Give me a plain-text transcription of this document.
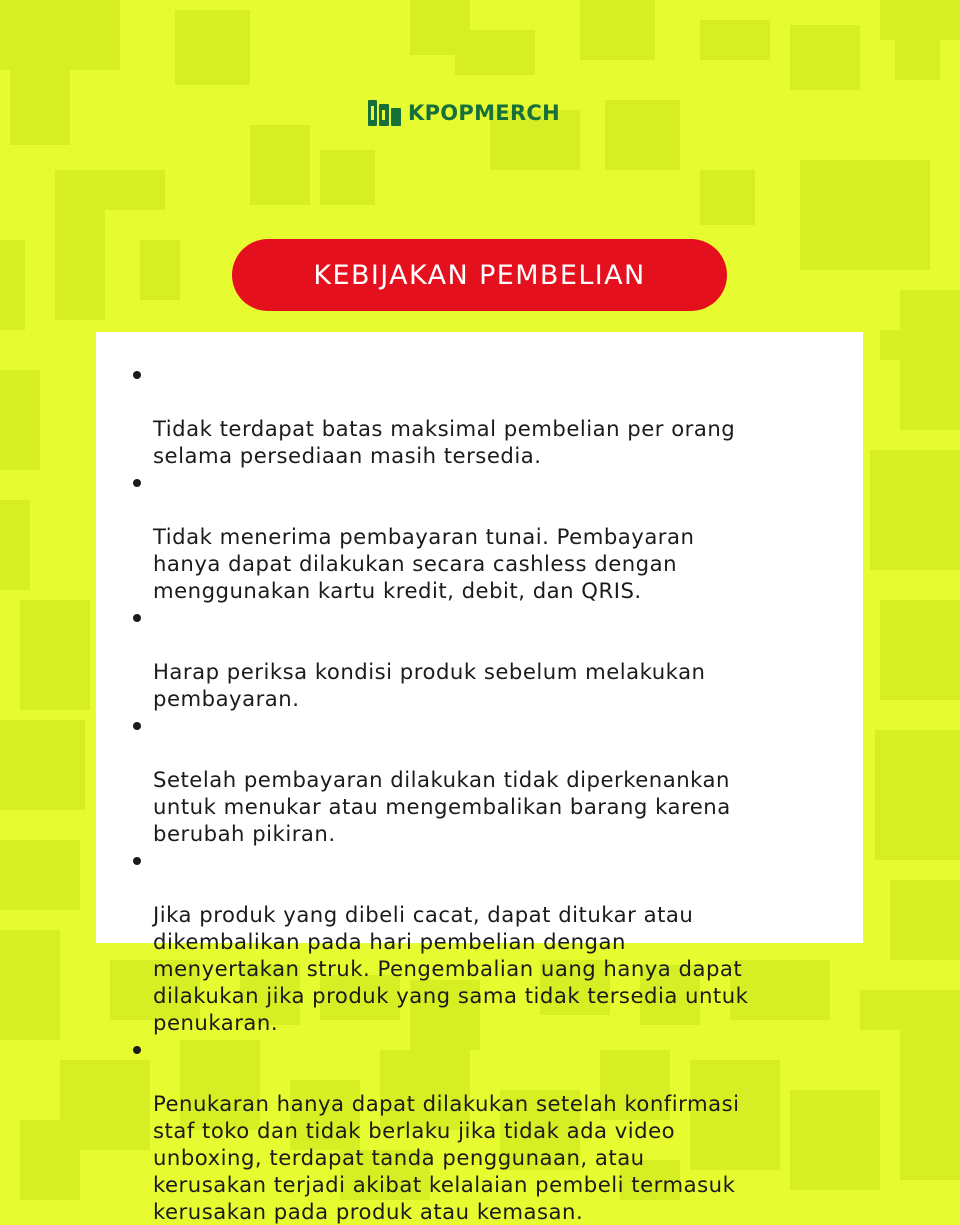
KPOPMERCH
KEBIJAKAN PEMBELIAN

Tidak terdapat batas maksimal pembelian per orang
selama persediaan masih tersedia.

Tidak menerima pembayaran tunai. Pembayaran
hanya dapat dilakukan secara cashless dengan
menggunakan kartu kredit, debit, dan QRIS.

Harap periksa kondisi produk sebelum melakukan
pembayaran.

Setelah pembayaran dilakukan tidak diperkenankan
untuk menukar atau mengembalikan barang karena
berubah pikiran.

Jika produk yang dibeli cacat, dapat ditukar atau
dikembalikan pada hari pembelian dengan
menyertakan struk. Pengembalian uang hanya dapat
dilakukan jika produk yang sama tidak tersedia untuk
penukaran.

Penukaran hanya dapat dilakukan setelah konfirmasi
staf toko dan tidak berlaku jika tidak ada video
unboxing, terdapat tanda penggunaan, atau
kerusakan terjadi akibat kelalaian pembeli termasuk
kerusakan pada produk atau kemasan.
